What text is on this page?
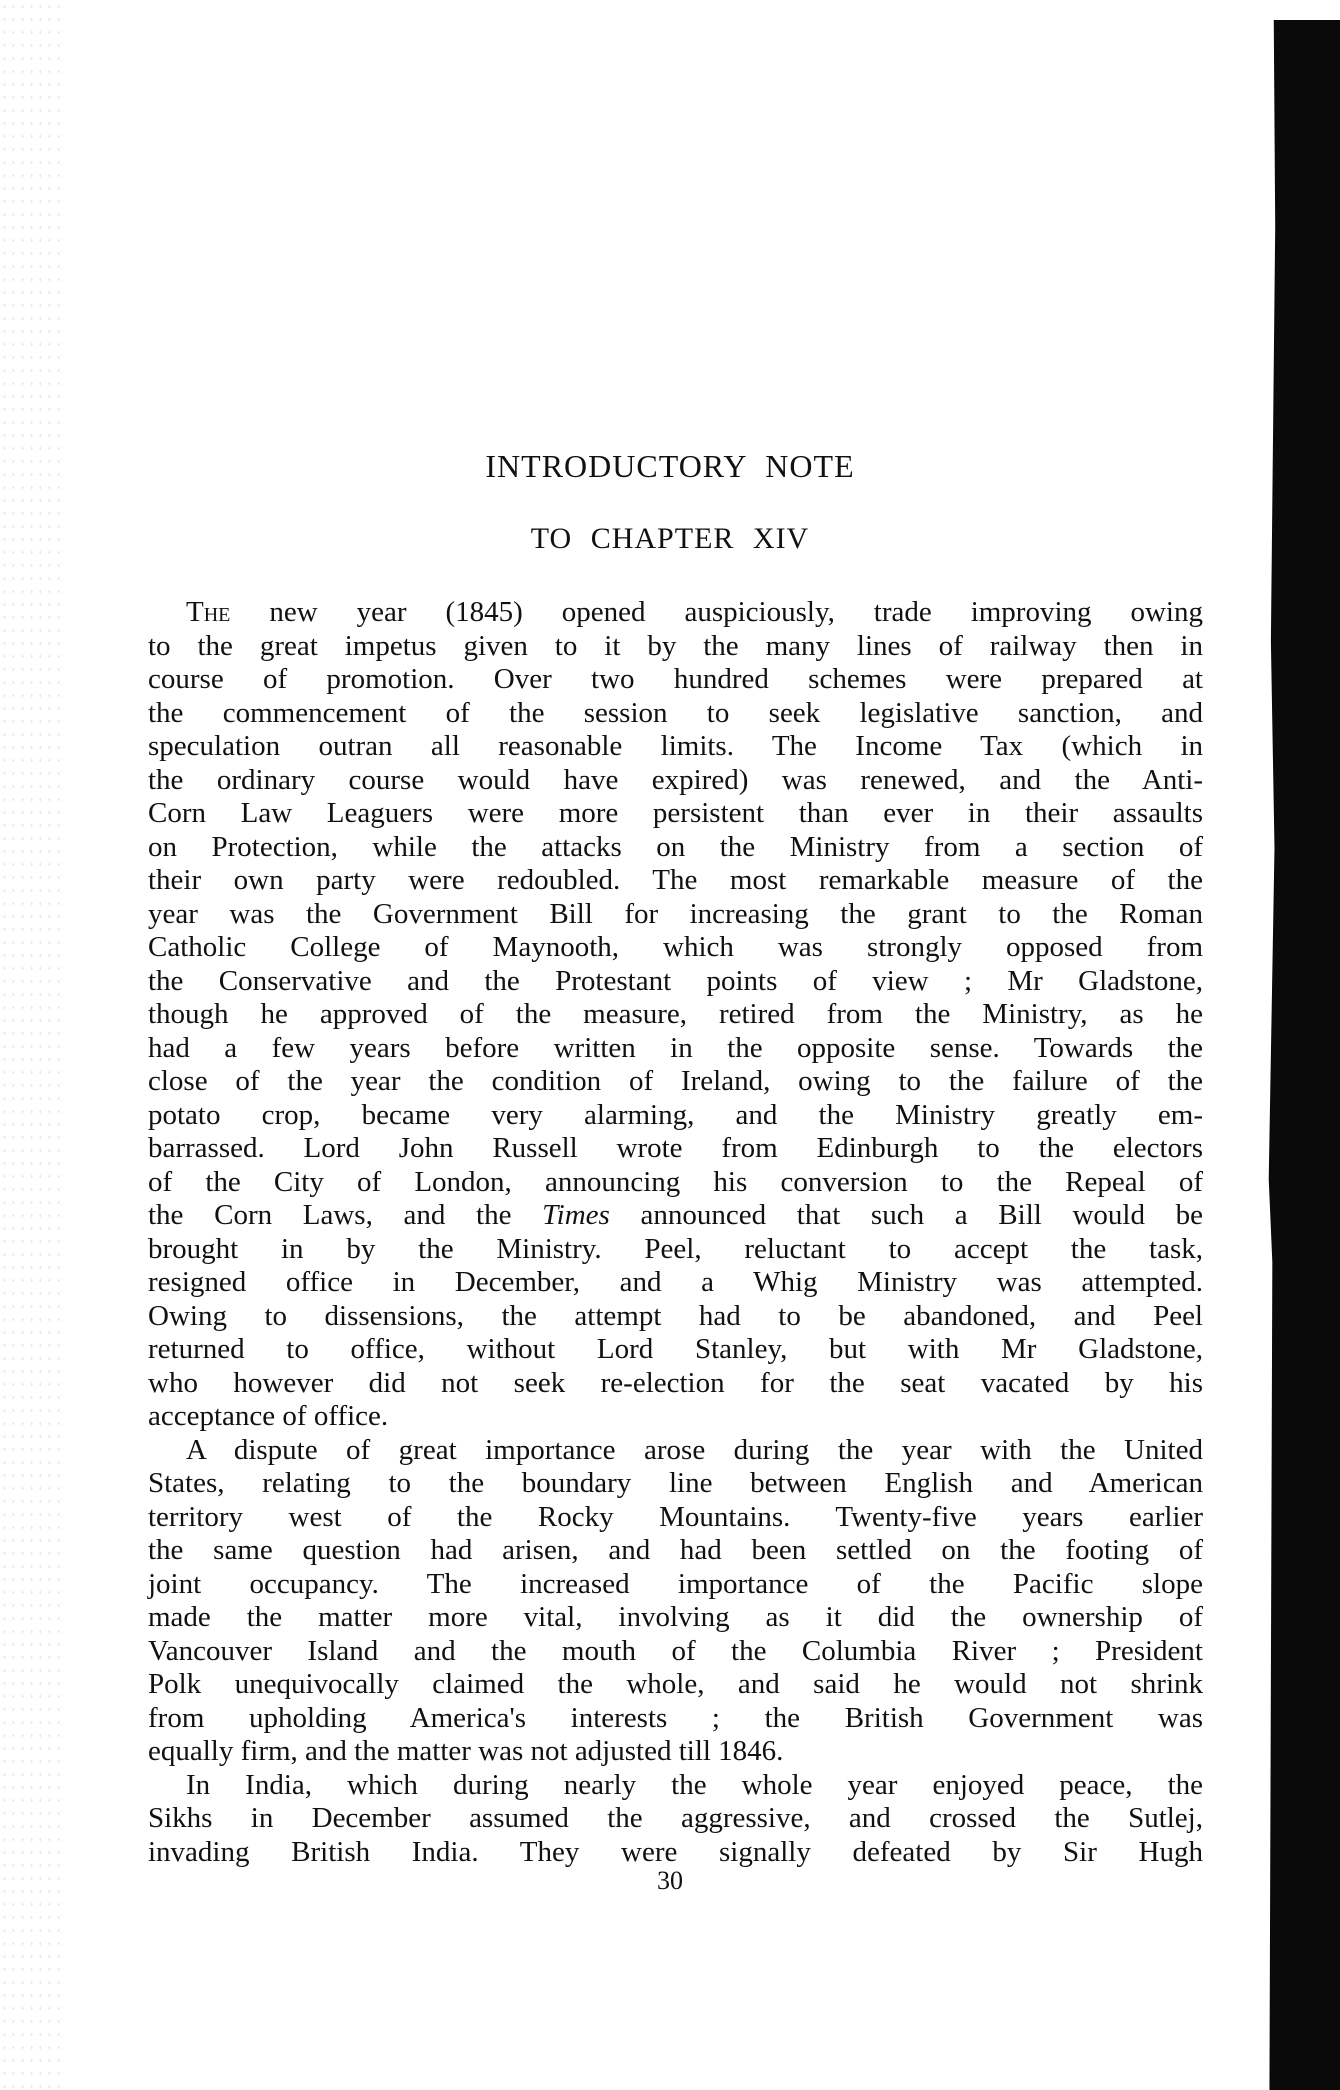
INTRODUCTORY NOTE
TO CHAPTER XIV
The new year (1845) opened auspiciously, trade improving owing
to the great impetus given to it by the many lines of railway then in
course of promotion. Over two hundred schemes were prepared at
the commencement of the session to seek legislative sanction, and
speculation outran all reasonable limits. The Income Tax (which in
the ordinary course would have expired) was renewed, and the Anti-
Corn Law Leaguers were more persistent than ever in their assaults
on Protection, while the attacks on the Ministry from a section of
their own party were redoubled. The most remarkable measure of the
year was the Government Bill for increasing the grant to the Roman
Catholic College of Maynooth, which was strongly opposed from
the Conservative and the Protestant points of view ; Mr Gladstone,
though he approved of the measure, retired from the Ministry, as he
had a few years before written in the opposite sense. Towards the
close of the year the condition of Ireland, owing to the failure of the
potato crop, became very alarming, and the Ministry greatly em-
barrassed. Lord John Russell wrote from Edinburgh to the electors
of the City of London, announcing his conversion to the Repeal of
the Corn Laws, and the Times announced that such a Bill would be
brought in by the Ministry. Peel, reluctant to accept the task,
resigned office in December, and a Whig Ministry was attempted.
Owing to dissensions, the attempt had to be abandoned, and Peel
returned to office, without Lord Stanley, but with Mr Gladstone,
who however did not seek re-election for the seat vacated by his
acceptance of office.
A dispute of great importance arose during the year with the United
States, relating to the boundary line between English and American
territory west of the Rocky Mountains. Twenty-five years earlier
the same question had arisen, and had been settled on the footing of
joint occupancy. The increased importance of the Pacific slope
made the matter more vital, involving as it did the ownership of
Vancouver Island and the mouth of the Columbia River ; President
Polk unequivocally claimed the whole, and said he would not shrink
from upholding America's interests ; the British Government was
equally firm, and the matter was not adjusted till 1846.
In India, which during nearly the whole year enjoyed peace, the
Sikhs in December assumed the aggressive, and crossed the Sutlej,
invading British India. They were signally defeated by Sir Hugh
30
